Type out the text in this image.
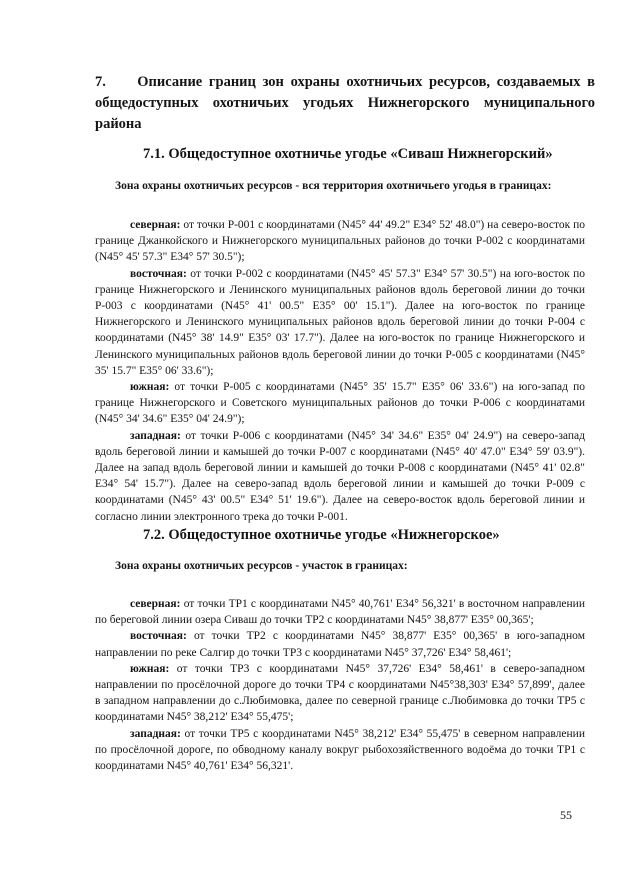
7. Описание границ зон охраны охотничьих ресурсов, создаваемых в общедоступных охотничьих угодьях Нижнегорского муниципального района
7.1. Общедоступное охотничье угодье «Сиваш Нижнегорский»
Зона охраны охотничьих ресурсов - вся территория охотничьего угодья в границах:

северная: от точки Р-001 с координатами (N45° 44' 49.2" E34° 52' 48.0") на северо-восток по границе Джанкойского и Нижнегорского муниципальных районов до точки Р-002 с координатами (N45° 45' 57.3" E34° 57' 30.5");

восточная: от точки Р-002 с координатами (N45° 45' 57.3" E34° 57' 30.5") на юго-восток по границе Нижнегорского и Ленинского муниципальных районов вдоль береговой линии до точки Р-003 с координатами (N45° 41' 00.5" E35° 00' 15.1"). Далее на юго-восток по границе Нижнегорского и Ленинского муниципальных районов вдоль береговой линии до точки Р-004 с координатами (N45° 38' 14.9" E35° 03' 17.7"). Далее на юго-восток по границе Нижнегорского и Ленинского муниципальных районов вдоль береговой линии до точки Р-005 с координатами (N45° 35' 15.7" E35° 06' 33.6");

южная: от точки Р-005 с координатами (N45° 35' 15.7" E35° 06' 33.6") на юго-запад по границе Нижнегорского и Советского муниципальных районов до точки Р-006 с координатами (N45° 34' 34.6" E35° 04' 24.9");

западная: от точки Р-006 с координатами (N45° 34' 34.6" E35° 04' 24.9") на северо-запад вдоль береговой линии и камышей до точки Р-007 с координатами (N45° 40' 47.0" E34° 59' 03.9"). Далее на запад вдоль береговой линии и камышей до точки Р-008 с координатами (N45° 41' 02.8" E34° 54' 15.7"). Далее на северо-запад вдоль береговой линии и камышей до точки Р-009 с координатами (N45° 43' 00.5" E34° 51' 19.6"). Далее на северо-восток вдоль береговой линии и согласно линии электронного трека до точки Р-001.

7.2. Общедоступное охотничье угодье «Нижнегорское»
Зона охраны охотничьих ресурсов - участок в границах:

северная: от точки ТР1 с координатами N45° 40,761' E34° 56,321' в восточном направлении по береговой линии озера Сиваш до точки ТР2 с координатами N45° 38,877' E35° 00,365';

восточная: от точки ТР2 с координатами N45° 38,877' E35° 00,365' в юго-западном направлении по реке Салгир до точки ТР3 с координатами N45° 37,726' E34° 58,461';

южная: от точки ТР3 с координатами N45° 37,726' E34° 58,461' в северо-западном направлении по просёлочной дороге до точки ТР4 с координатами N45°38,303' E34° 57,899', далее в западном направлении до с.Любимовка, далее по северной границе с.Любимовка до точки ТР5 с координатами N45° 38,212' E34° 55,475';

западная: от точки ТР5 с координатами N45° 38,212' E34° 55,475' в северном направлении по просёлочной дороге, по обводному каналу вокруг рыбохозяйственного водоёма до точки ТР1 с координатами N45° 40,761' E34° 56,321'.

55
